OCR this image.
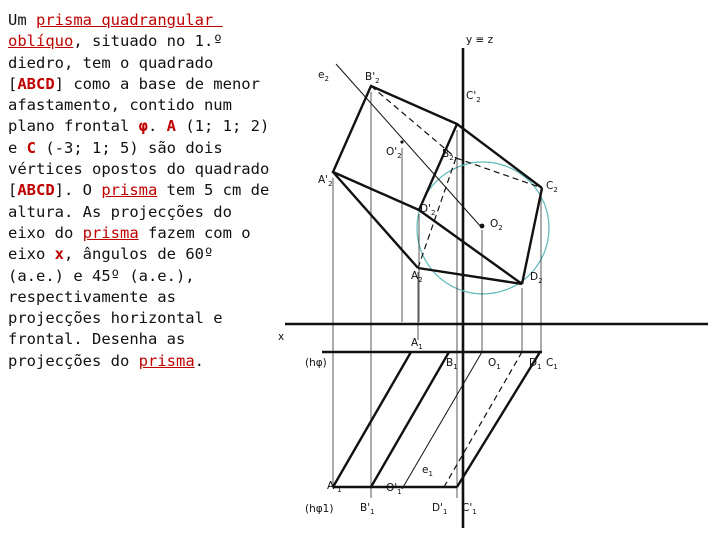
Um prisma quadrangular oblíquo, situado no 1.º diedro, tem o quadrado [ABCD] como a base de menor afastamento, contido num plano frontal φ. A (1; 1; 2) e C (-3; 1; 5) são dois vértices opostos do quadrado [ABCD]. O prisma tem 5 cm de altura. As projecções do eixo do prisma fazem com o eixo x, ângulos de 60º (a.e.) e 45º (a.e.), respectivamente as projecções horizontal e frontal. Desenha as projecções do prisma.
y ≡ z
x
$e_2$	$B'_2$
$C'_2$
$O'_2$	$B_2$
$A'_2$	$C_2$
$D'_2$
$O_2$
$A_2$	$D_2$
$A_1$
(hφ)	$B_1$	$O_1$	$D_1$ $C_1$
$e_1$
$A'_1$	$O'_1$
(hφ1)	$B'_1$	$D'_1$ $C'_1$
